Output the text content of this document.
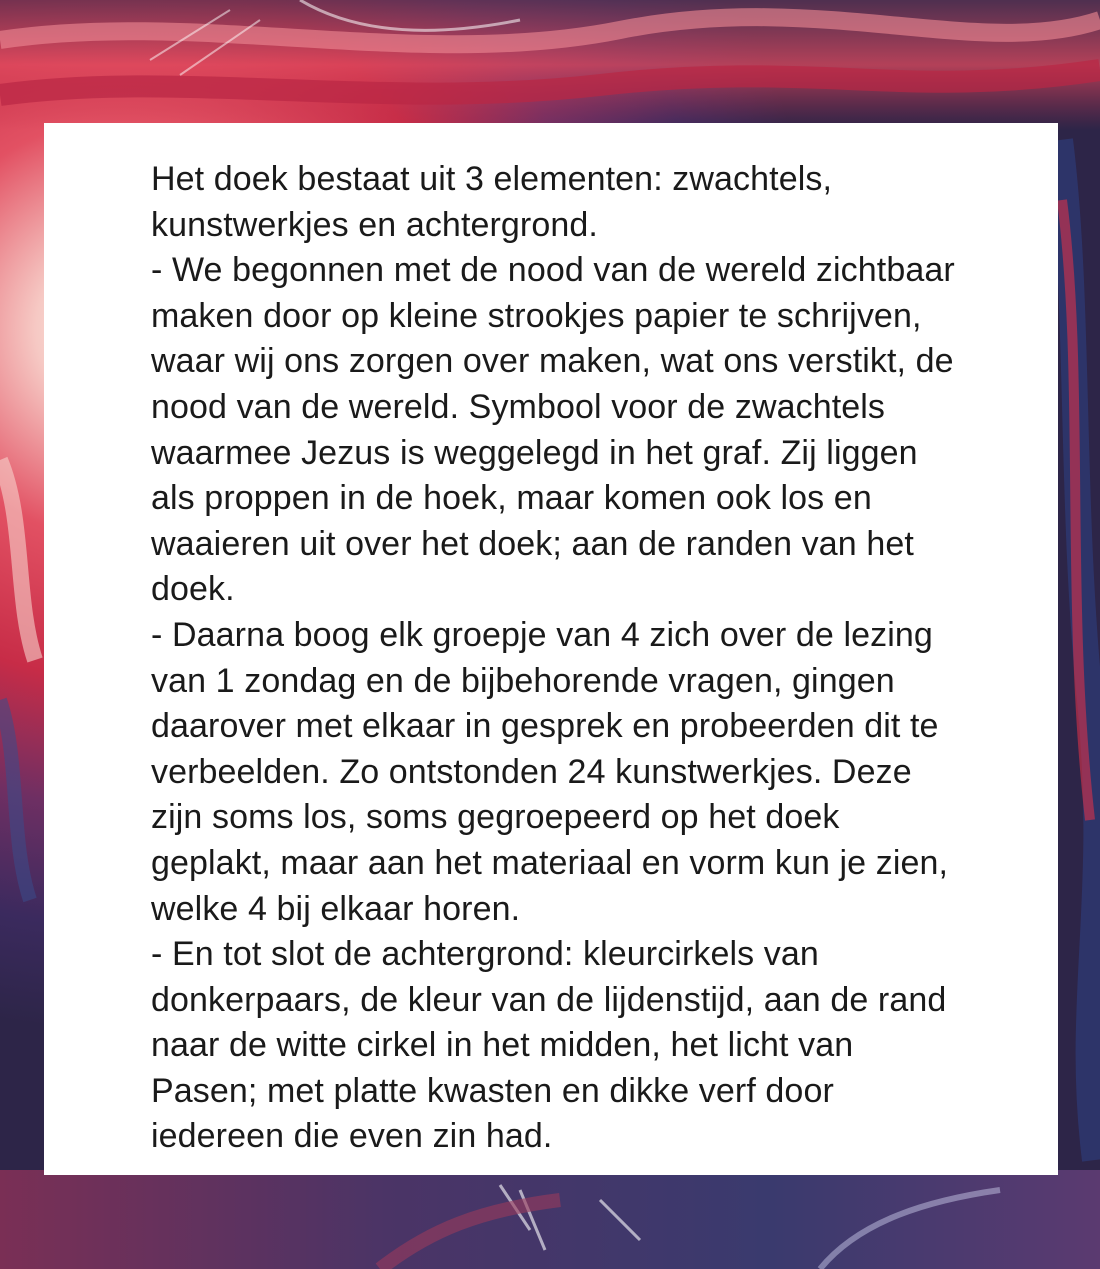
Het doek bestaat uit 3 elementen: zwachtels,
kunstwerkjes en achtergrond.
- We begonnen met de nood van de wereld zichtbaar
maken door op kleine strookjes papier te schrijven,
waar wij ons zorgen over maken, wat ons verstikt, de
nood van de wereld. Symbool voor de zwachtels
waarmee Jezus is weggelegd in het graf. Zij liggen
als proppen in de hoek, maar komen ook los en
waaieren uit over het doek; aan de randen van het
doek.
- Daarna boog elk groepje van 4 zich over de lezing
van 1 zondag en de bijbehorende vragen, gingen
daarover met elkaar in gesprek en probeerden dit te
verbeelden. Zo ontstonden 24 kunstwerkjes. Deze
zijn soms los, soms gegroepeerd op het doek
geplakt, maar aan het materiaal en vorm kun je zien,
welke 4 bij elkaar horen.
- En tot slot de achtergrond: kleurcirkels van
donkerpaars, de kleur van de lijdenstijd, aan de rand
naar de witte cirkel in het midden, het licht van
Pasen; met platte kwasten en dikke verf door
iedereen die even zin had.
